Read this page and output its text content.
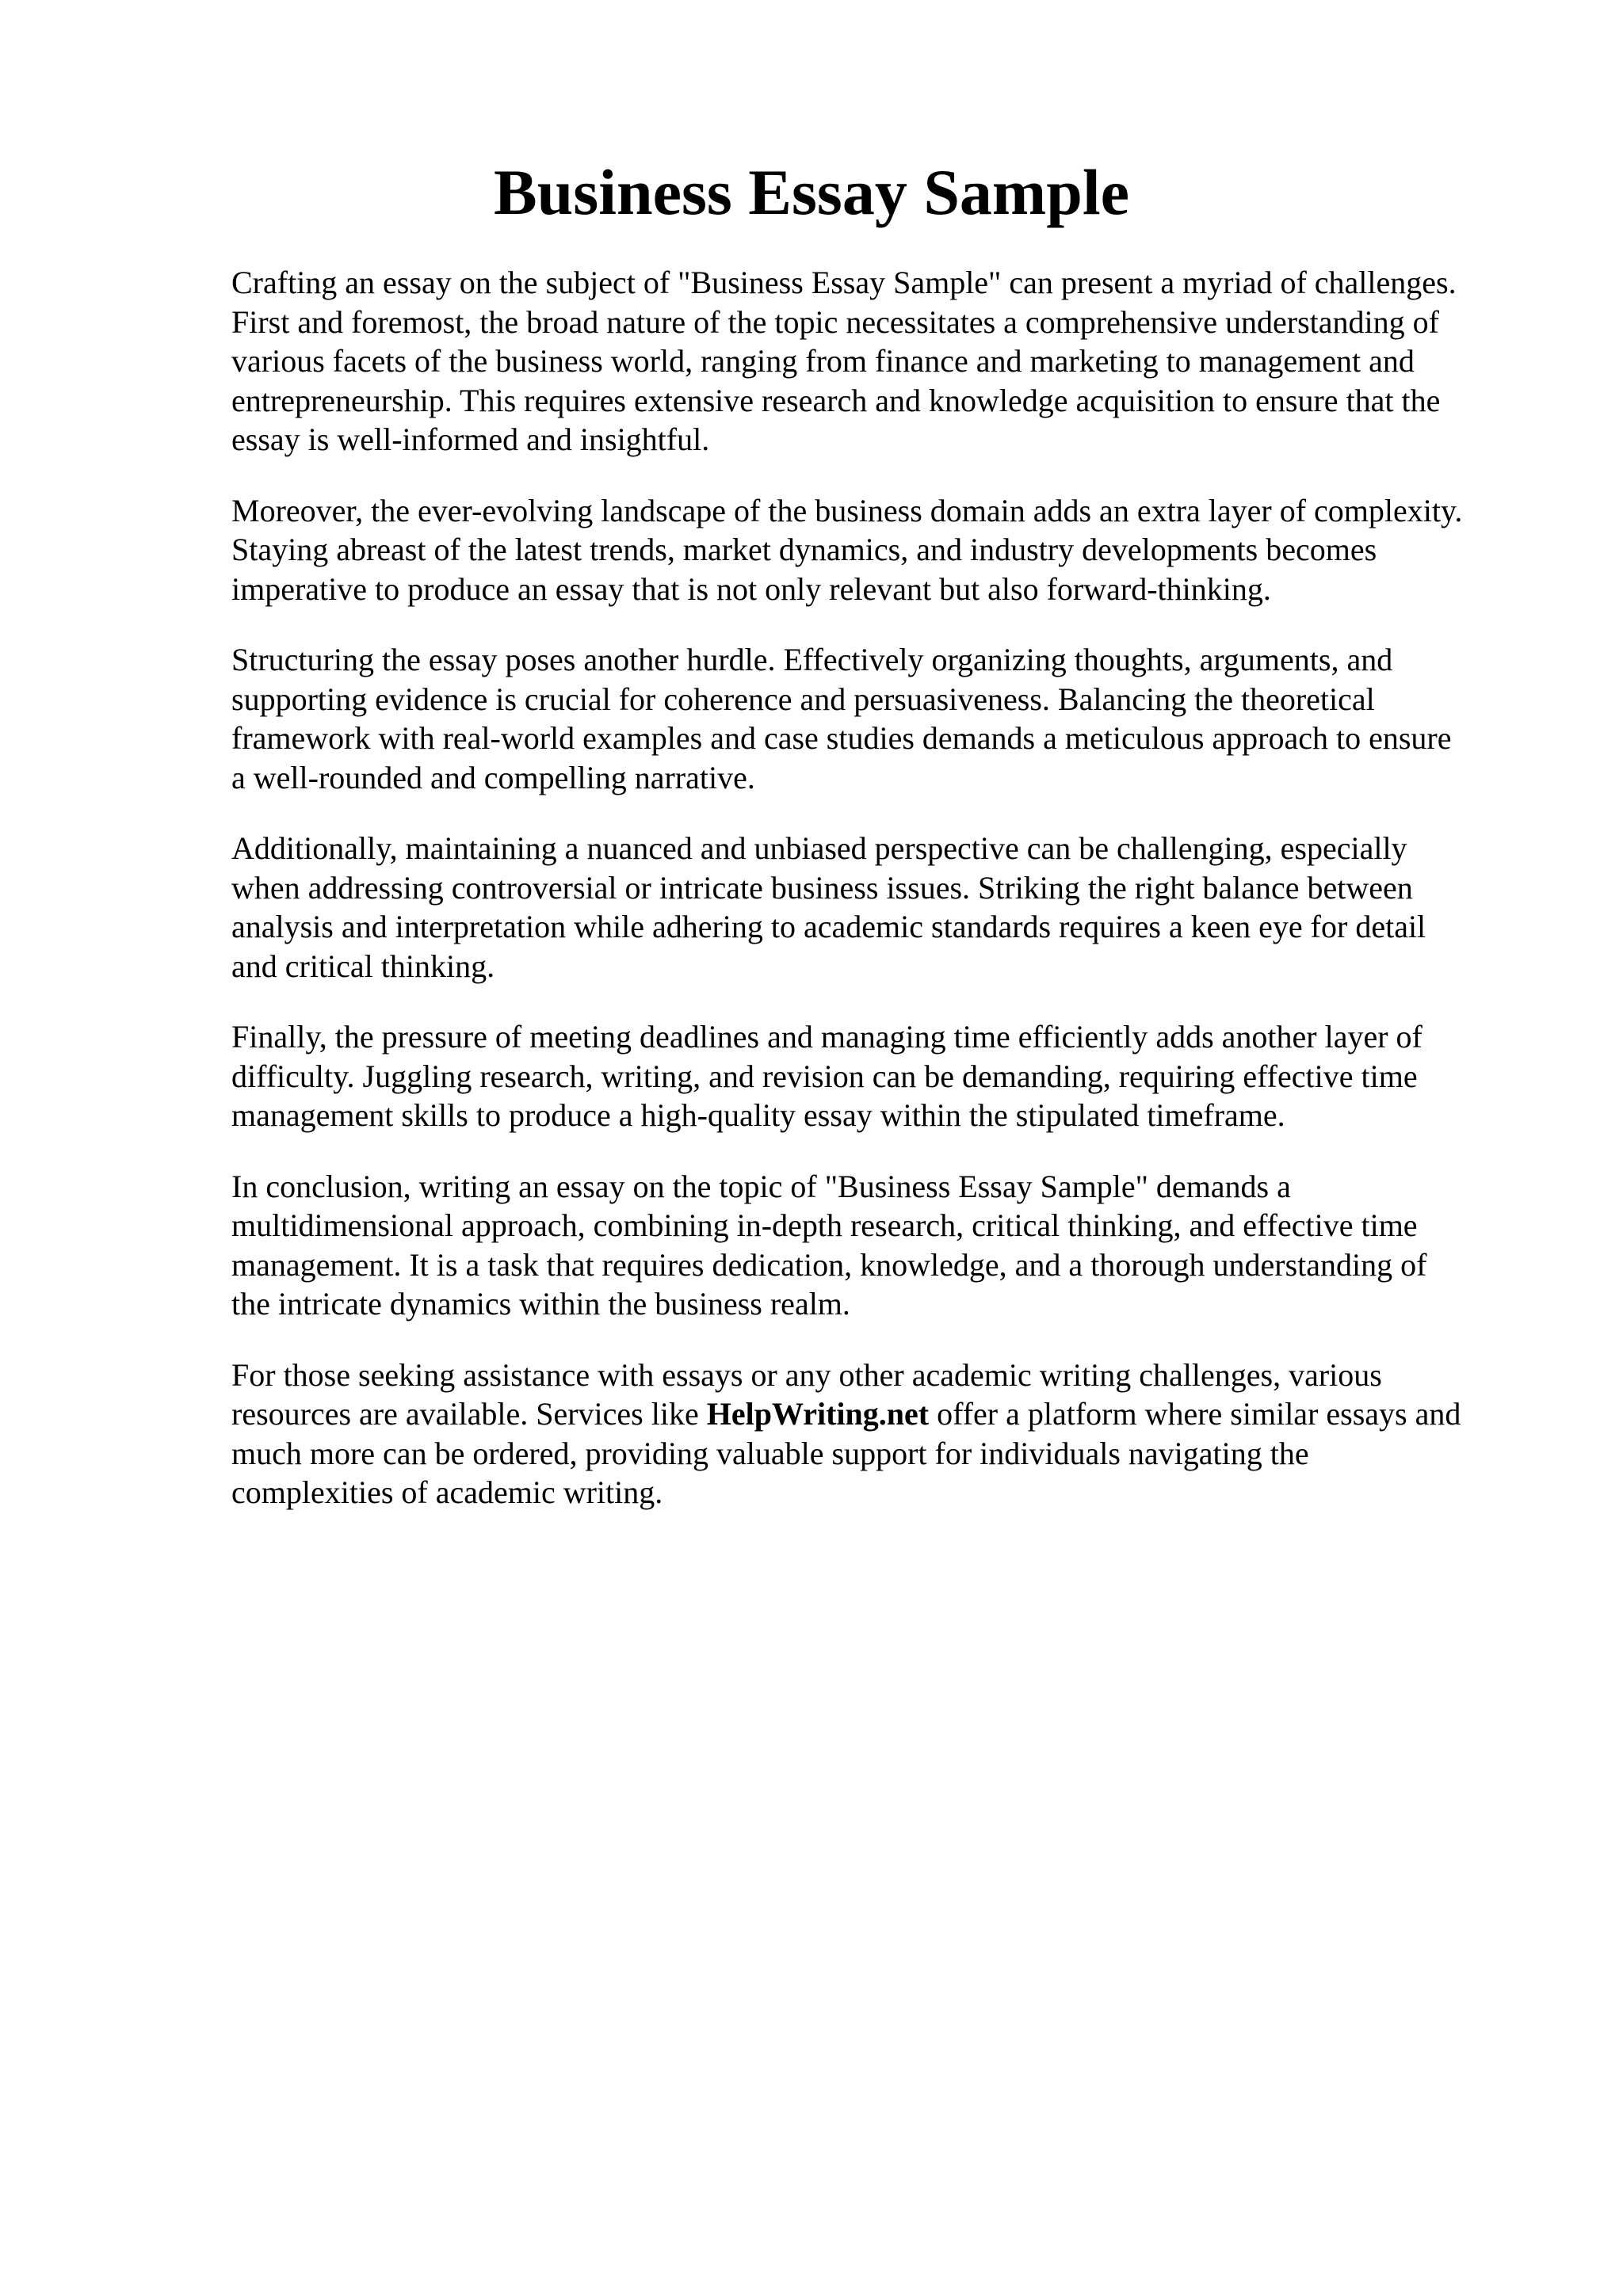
Business Essay Sample

Crafting an essay on the subject of "Business Essay Sample" can present a myriad of challenges.
First and foremost, the broad nature of the topic necessitates a comprehensive understanding of
various facets of the business world, ranging from finance and marketing to management and
entrepreneurship. This requires extensive research and knowledge acquisition to ensure that the
essay is well-informed and insightful.

Moreover, the ever-evolving landscape of the business domain adds an extra layer of complexity.
Staying abreast of the latest trends, market dynamics, and industry developments becomes
imperative to produce an essay that is not only relevant but also forward-thinking.

Structuring the essay poses another hurdle. Effectively organizing thoughts, arguments, and
supporting evidence is crucial for coherence and persuasiveness. Balancing the theoretical
framework with real-world examples and case studies demands a meticulous approach to ensure
a well-rounded and compelling narrative.

Additionally, maintaining a nuanced and unbiased perspective can be challenging, especially
when addressing controversial or intricate business issues. Striking the right balance between
analysis and interpretation while adhering to academic standards requires a keen eye for detail
and critical thinking.

Finally, the pressure of meeting deadlines and managing time efficiently adds another layer of
difficulty. Juggling research, writing, and revision can be demanding, requiring effective time
management skills to produce a high-quality essay within the stipulated timeframe.

In conclusion, writing an essay on the topic of "Business Essay Sample" demands a
multidimensional approach, combining in-depth research, critical thinking, and effective time
management. It is a task that requires dedication, knowledge, and a thorough understanding of
the intricate dynamics within the business realm.

For those seeking assistance with essays or any other academic writing challenges, various
resources are available. Services like HelpWriting.net offer a platform where similar essays and
much more can be ordered, providing valuable support for individuals navigating the
complexities of academic writing.
